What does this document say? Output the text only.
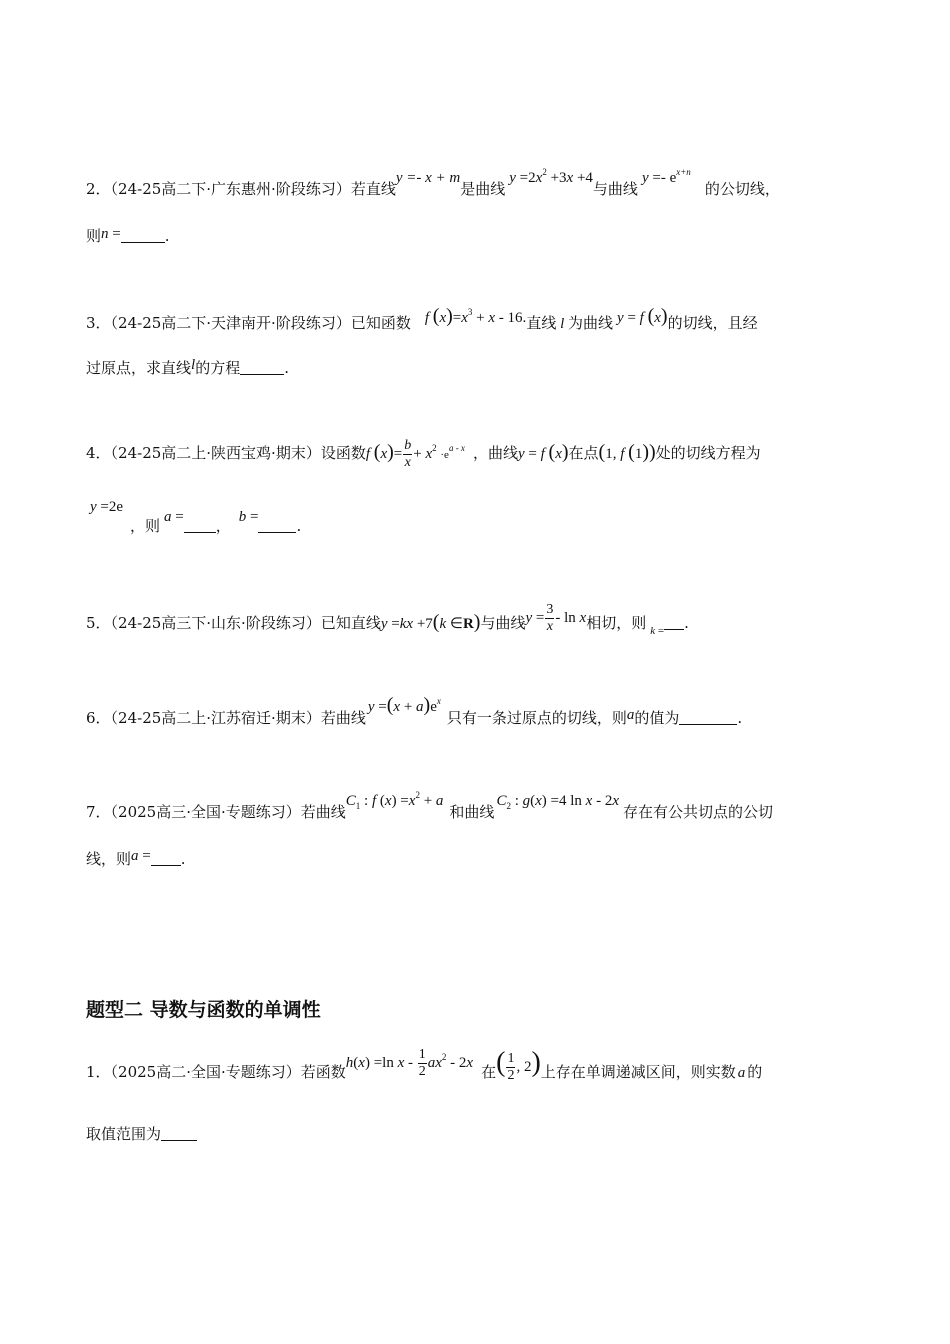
2．（24-25高二下·广东惠州·阶段练习）若直线y =- x + m是曲线$y =2x^2 +3x +4$与曲线$y =- e^{x+n}$的公切线，
则n =	.
3．（24-25高二下·天津南开·阶段练习）已知函数 f $(x)=x^3 + x - 16$.直线 l 为曲线 y = f (x)的切线，且经
过原点，求直线l的方程	.
4．（24-25高二上·陕西宝鸡·期末）设函数f $(x)= \frac{b}{x} + x^2 \cdot e^{a - x}$ ，曲线y = f (x)在点(1, f (1))处的切线方程为
y =2e
，则 a = ， b =	.
5．（24-25高三下·山东·阶段练习）已知直线y =kx +7(k ∈R)与曲线$y = \frac{3}{x} - \ln x$相切，则 $_{k =}$ .
6．（24-25高二上·江苏宿迁·期末）若曲线$y =(x + a)e^x$只有一条过原点的切线，则a的值为	.
7．（2025高三·全国·专题练习）若曲线$C_1$ : f $(x) =x^2 + a$和曲线$C_2$ : g(x) =4 ln x - 2x存在有公共切点的公切
线，则a = .
题型二 导数与函数的单调性
1．（2025高二·全国·专题练习）若函数h(x) =ln x - $\frac{1}{2} ax^2 - 2x$ 在( $\frac{1}{2}$ , 2)上存在单调递减区间，则实数 a 的
取值范围为
